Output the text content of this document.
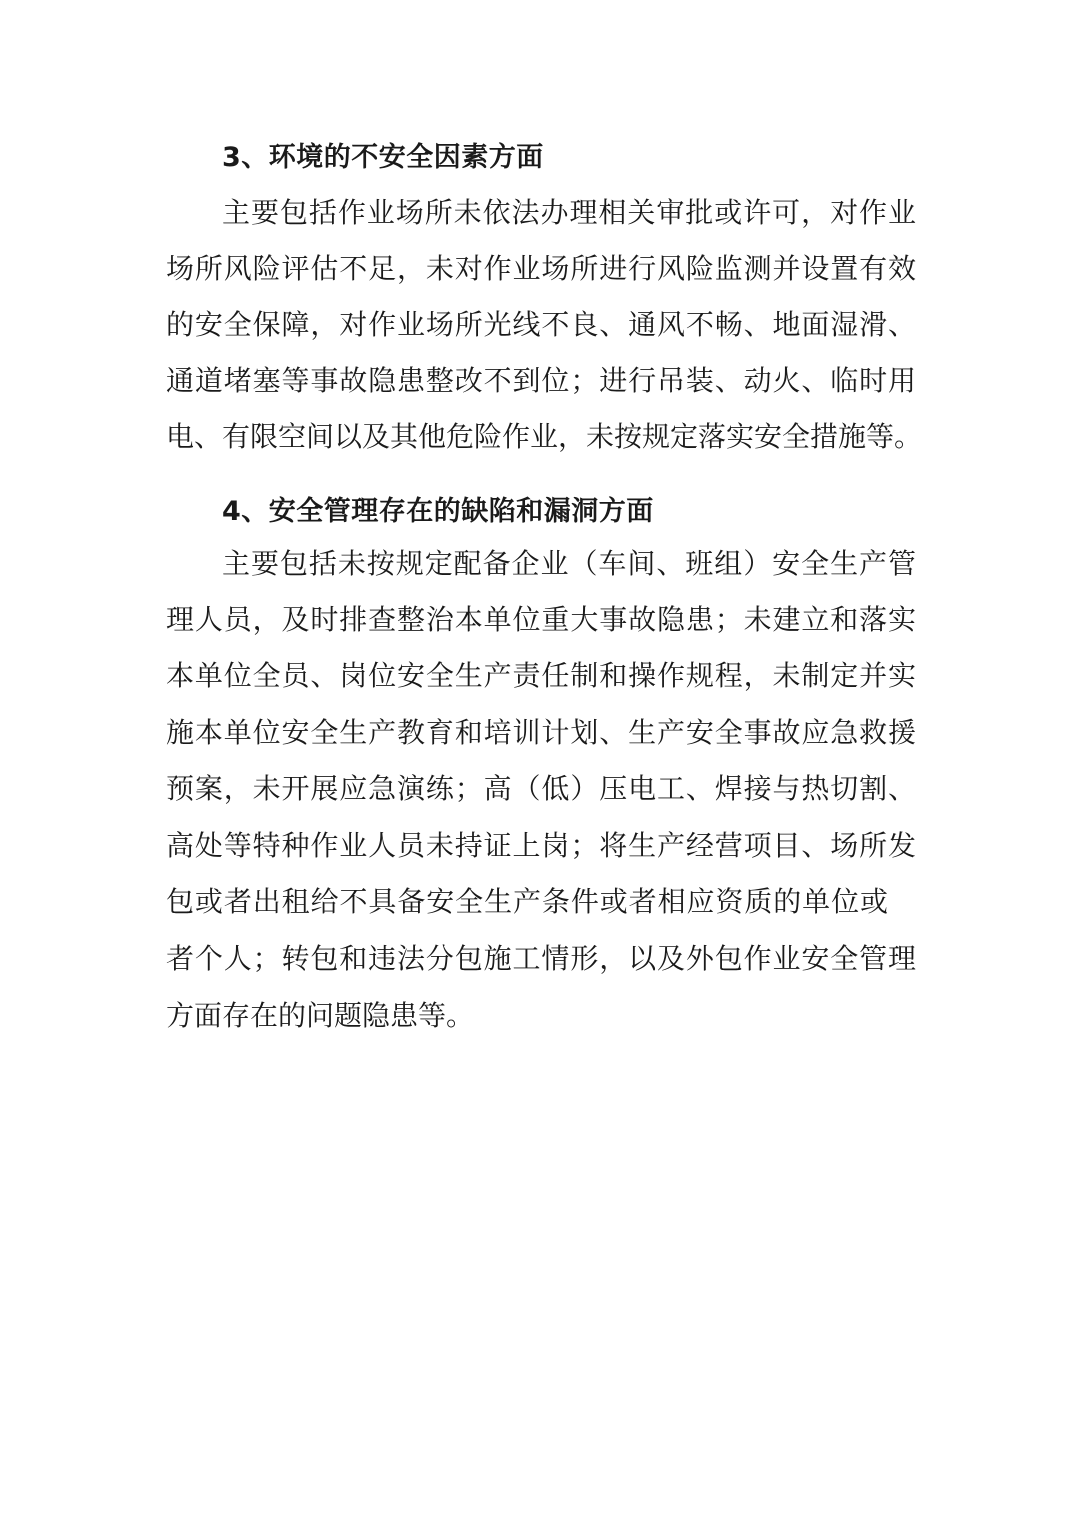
3、环境的不安全因素方面

主要包括作业场所未依法办理相关审批或许可，对作业

场所风险评估不足，未对作业场所进行风险监测并设置有效

的安全保障，对作业场所光线不良、通风不畅、地面湿滑、

通道堵塞等事故隐患整改不到位；进行吊装、动火、临时用

电、有限空间以及其他危险作业，未按规定落实安全措施等。

4、安全管理存在的缺陷和漏洞方面

主要包括未按规定配备企业（车间、班组）安全生产管

理人员，及时排查整治本单位重大事故隐患；未建立和落实

本单位全员、岗位安全生产责任制和操作规程，未制定并实

施本单位安全生产教育和培训计划、生产安全事故应急救援

预案，未开展应急演练；高（低）压电工、焊接与热切割、

高处等特种作业人员未持证上岗；将生产经营项目、场所发

包或者出租给不具备安全生产条件或者相应资质的单位或

者个人；转包和违法分包施工情形，以及外包作业安全管理

方面存在的问题隐患等。
